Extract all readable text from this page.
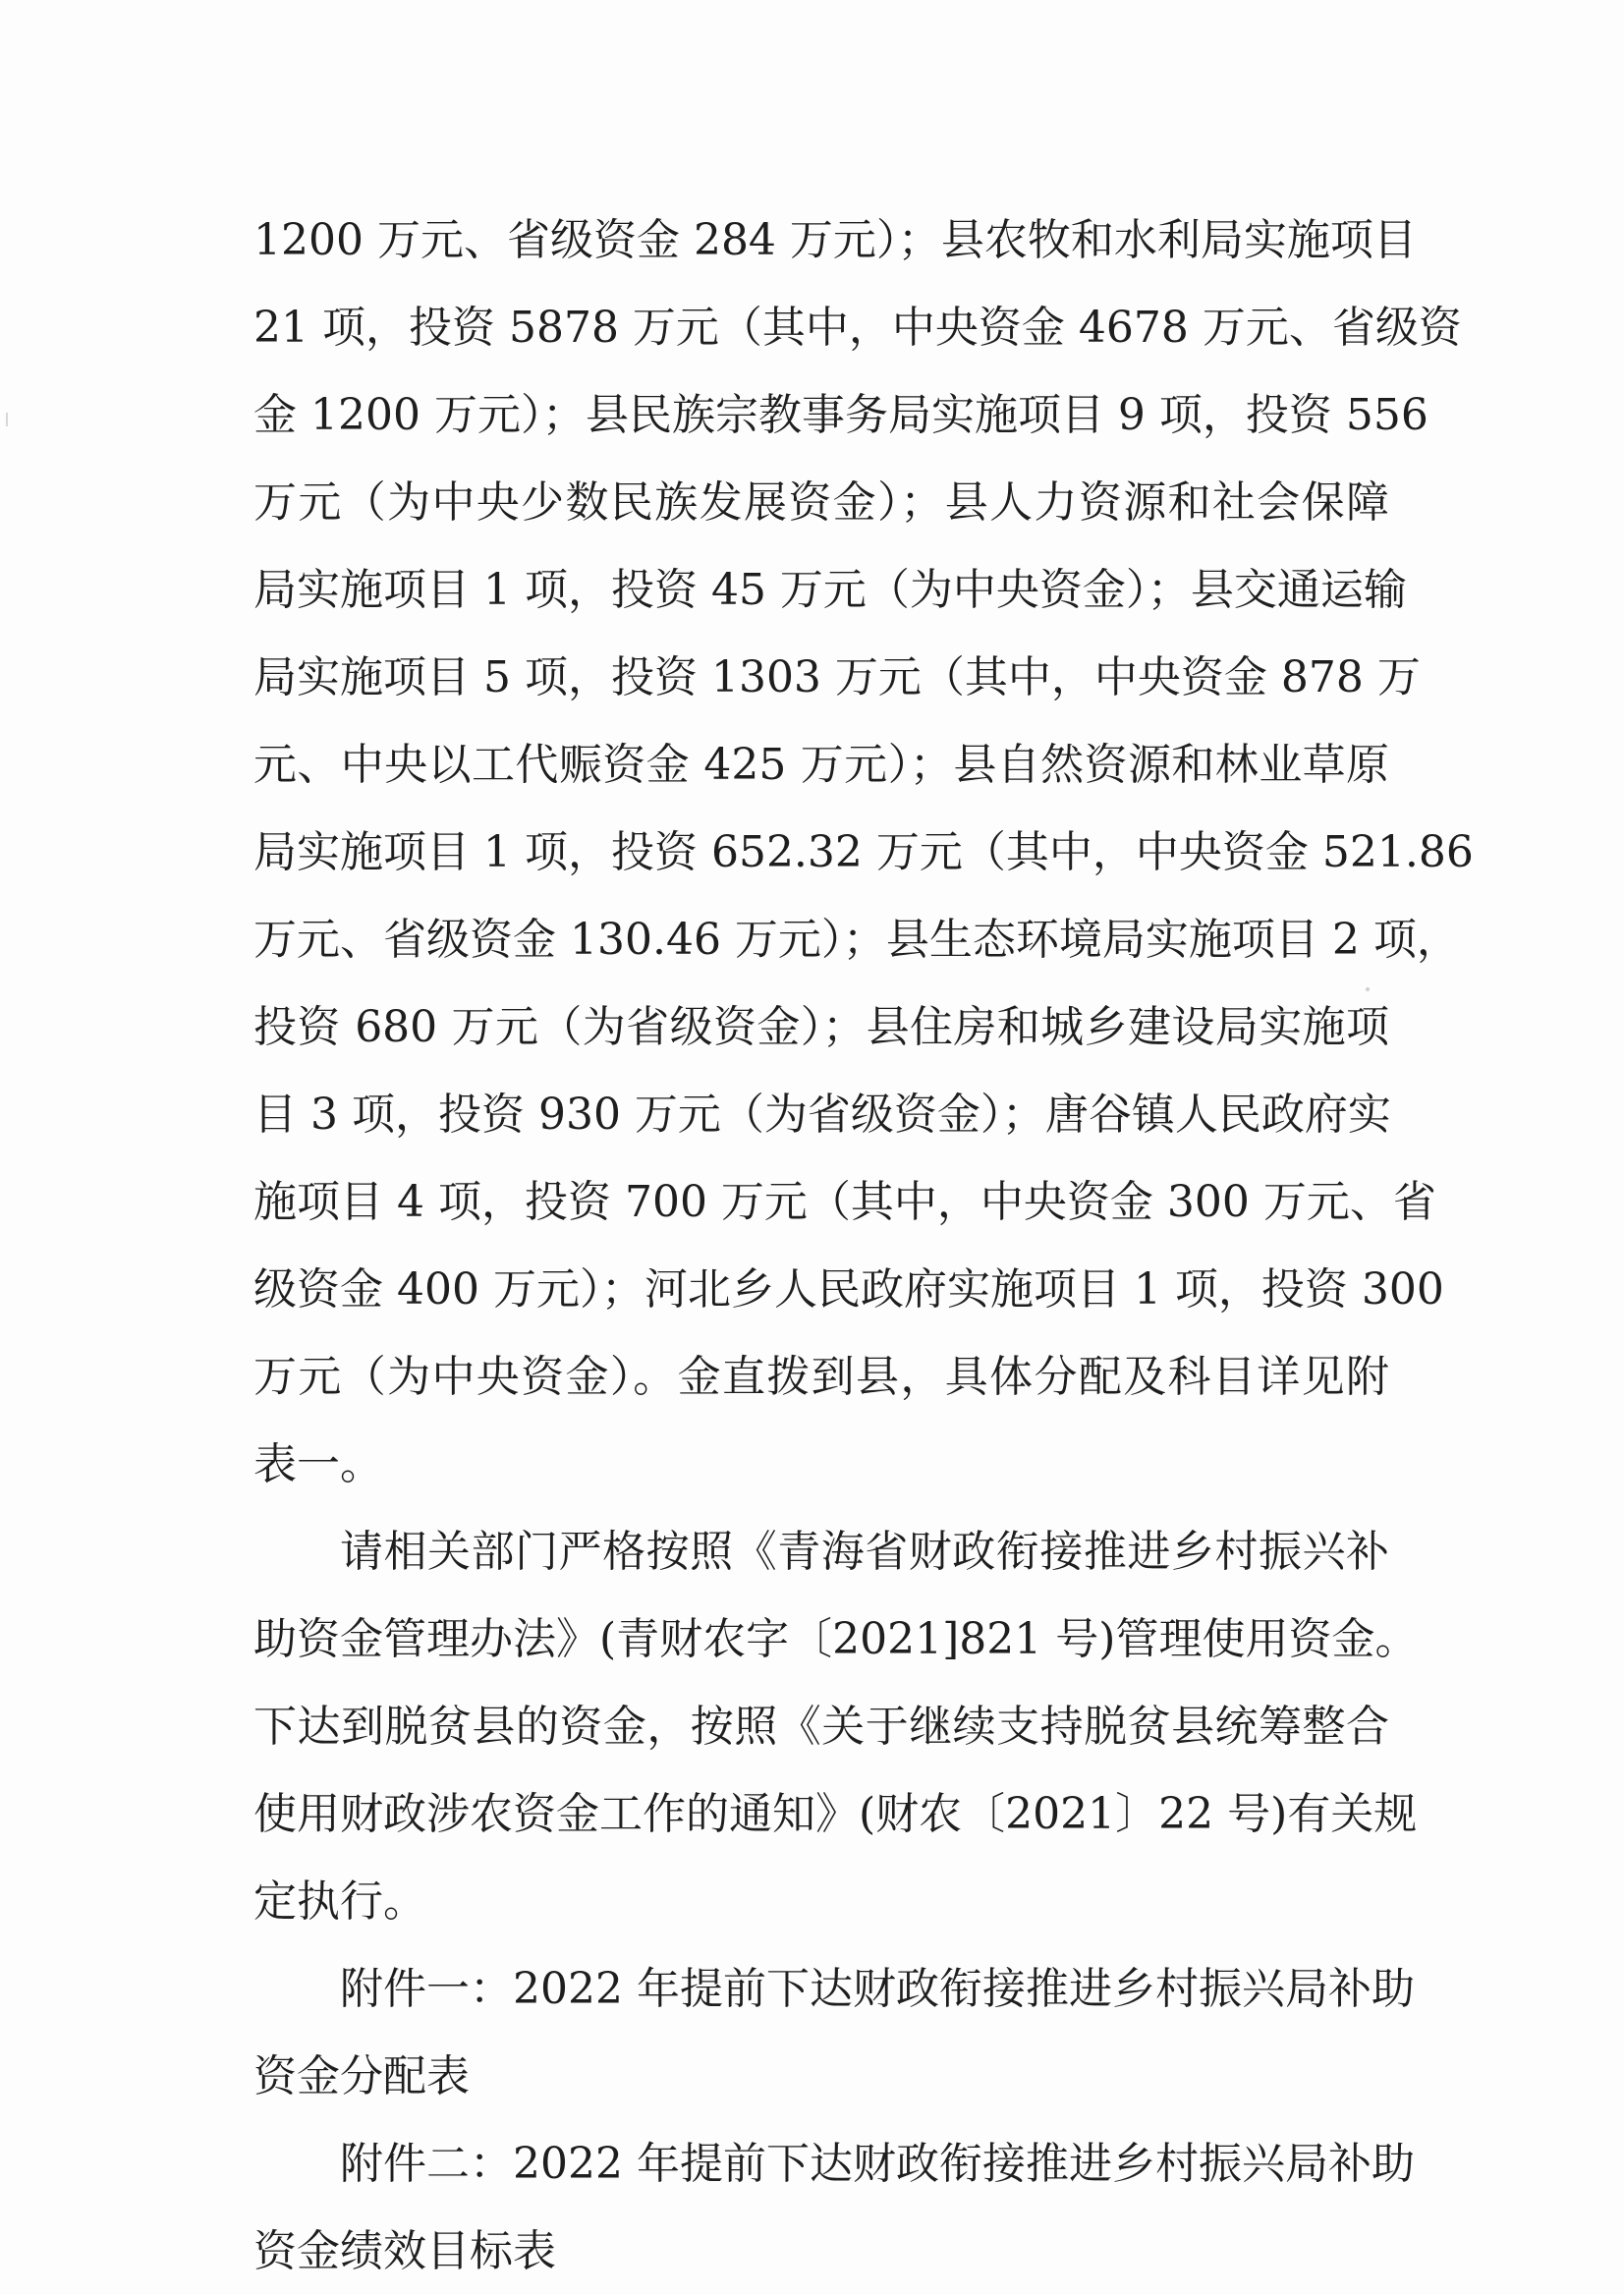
1200 万元、省级资金 284 万元）；县农牧和水利局实施项目
21 项，投资 5878 万元（其中，中央资金 4678 万元、省级资
金 1200 万元）；县民族宗教事务局实施项目 9 项，投资 556
万元（为中央少数民族发展资金）；县人力资源和社会保障
局实施项目 1 项，投资 45 万元（为中央资金）；县交通运输
局实施项目 5 项，投资 1303 万元（其中，中央资金 878 万
元、中央以工代赈资金 425 万元）；县自然资源和林业草原
局实施项目 1 项，投资 652.32 万元（其中，中央资金 521.86
万元、省级资金 130.46 万元）；县生态环境局实施项目 2 项，
投资 680 万元（为省级资金）；县住房和城乡建设局实施项
目 3 项，投资 930 万元（为省级资金）；唐谷镇人民政府实
施项目 4 项，投资 700 万元（其中，中央资金 300 万元、省
级资金 400 万元）；河北乡人民政府实施项目 1 项，投资 300
万元（为中央资金）。金直拨到县，具体分配及科目详见附
表一。
请相关部门严格按照《青海省财政衔接推进乡村振兴补
助资金管理办法》(青财农字〔2021]821 号)管理使用资金。
下达到脱贫县的资金，按照《关于继续支持脱贫县统筹整合
使用财政涉农资金工作的通知》(财农〔2021〕22 号)有关规
定执行。
附件一：2022 年提前下达财政衔接推进乡村振兴局补助
资金分配表
附件二：2022 年提前下达财政衔接推进乡村振兴局补助
资金绩效目标表
